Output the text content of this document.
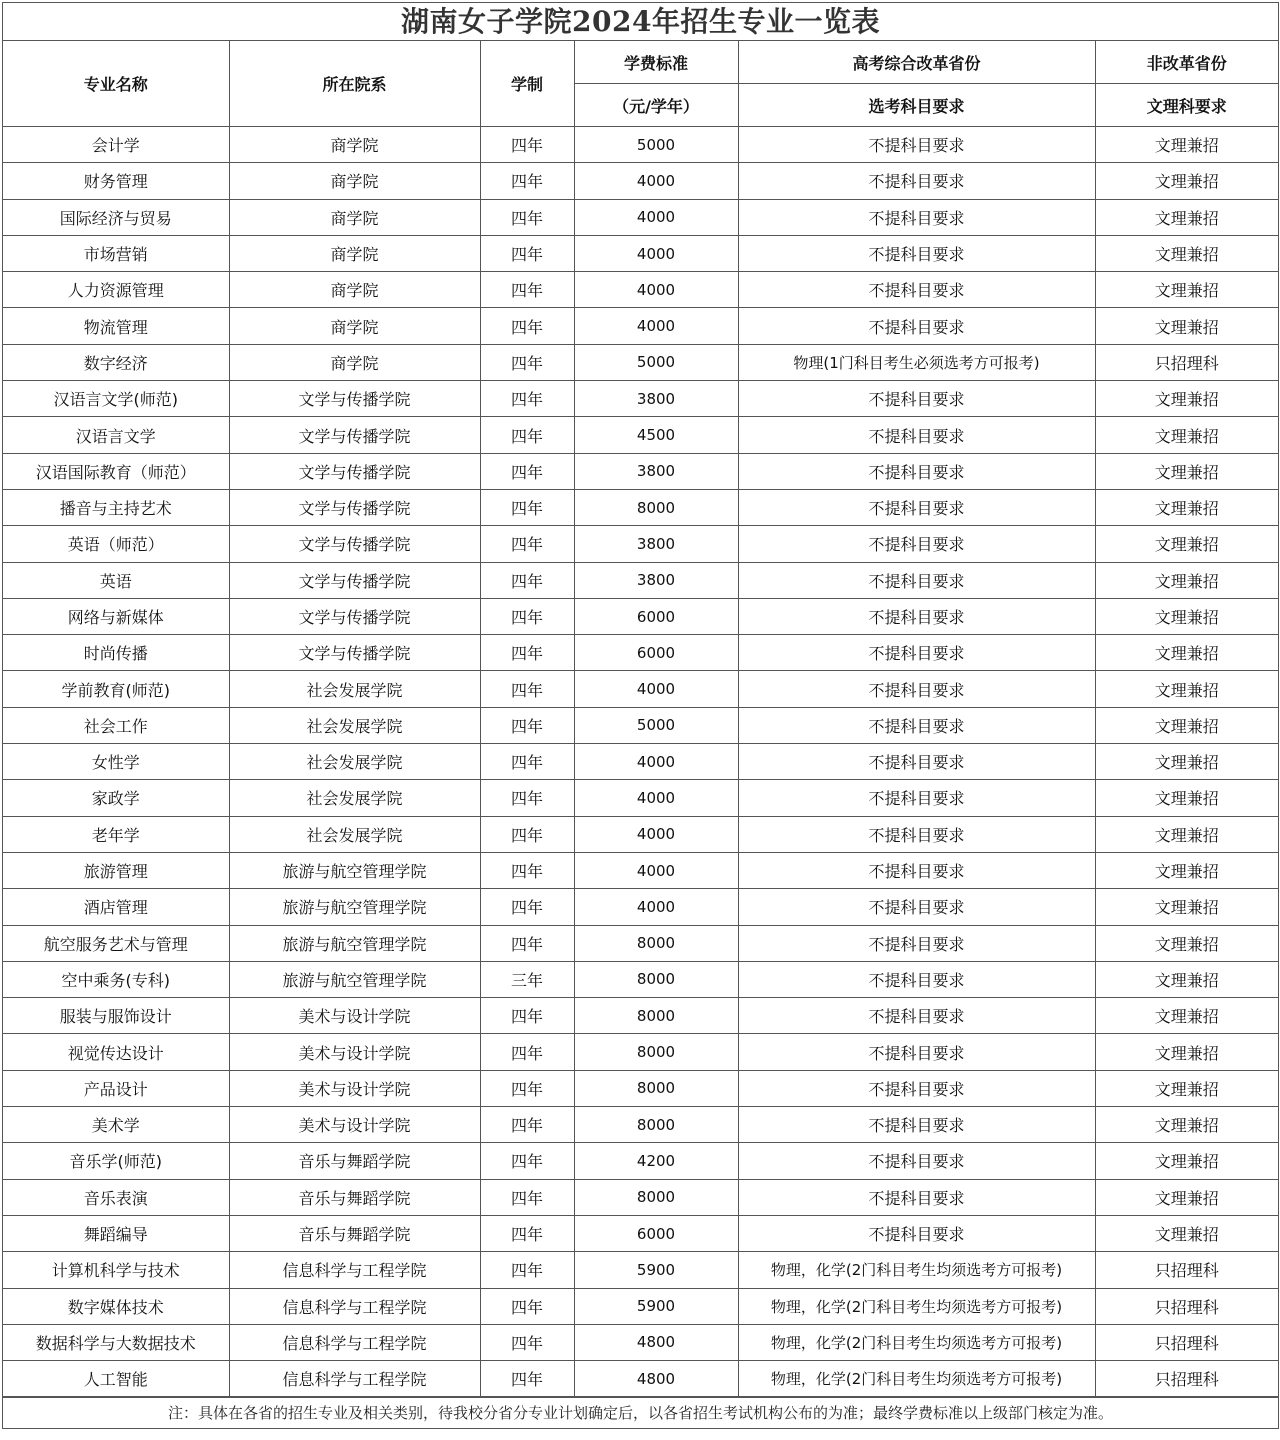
湖南女子学院2024年招生专业一览表
专业名称	所在院系	学制	学费标准	高考综合改革省份	非改革省份
			（元/学年）	选考科目要求	文理科要求
会计学	商学院	四年	5000	不提科目要求	文理兼招
财务管理	商学院	四年	4000	不提科目要求	文理兼招
国际经济与贸易	商学院	四年	4000	不提科目要求	文理兼招
市场营销	商学院	四年	4000	不提科目要求	文理兼招
人力资源管理	商学院	四年	4000	不提科目要求	文理兼招
物流管理	商学院	四年	4000	不提科目要求	文理兼招
数字经济	商学院	四年	5000	物理(1门科目考生必须选考方可报考)	只招理科
汉语言文学(师范)	文学与传播学院	四年	3800	不提科目要求	文理兼招
汉语言文学	文学与传播学院	四年	4500	不提科目要求	文理兼招
汉语国际教育（师范）	文学与传播学院	四年	3800	不提科目要求	文理兼招
播音与主持艺术	文学与传播学院	四年	8000	不提科目要求	文理兼招
英语（师范）	文学与传播学院	四年	3800	不提科目要求	文理兼招
英语	文学与传播学院	四年	3800	不提科目要求	文理兼招
网络与新媒体	文学与传播学院	四年	6000	不提科目要求	文理兼招
时尚传播	文学与传播学院	四年	6000	不提科目要求	文理兼招
学前教育(师范)	社会发展学院	四年	4000	不提科目要求	文理兼招
社会工作	社会发展学院	四年	5000	不提科目要求	文理兼招
女性学	社会发展学院	四年	4000	不提科目要求	文理兼招
家政学	社会发展学院	四年	4000	不提科目要求	文理兼招
老年学	社会发展学院	四年	4000	不提科目要求	文理兼招
旅游管理	旅游与航空管理学院	四年	4000	不提科目要求	文理兼招
酒店管理	旅游与航空管理学院	四年	4000	不提科目要求	文理兼招
航空服务艺术与管理	旅游与航空管理学院	四年	8000	不提科目要求	文理兼招
空中乘务(专科)	旅游与航空管理学院	三年	8000	不提科目要求	文理兼招
服装与服饰设计	美术与设计学院	四年	8000	不提科目要求	文理兼招
视觉传达设计	美术与设计学院	四年	8000	不提科目要求	文理兼招
产品设计	美术与设计学院	四年	8000	不提科目要求	文理兼招
美术学	美术与设计学院	四年	8000	不提科目要求	文理兼招
音乐学(师范)	音乐与舞蹈学院	四年	4200	不提科目要求	文理兼招
音乐表演	音乐与舞蹈学院	四年	8000	不提科目要求	文理兼招
舞蹈编导	音乐与舞蹈学院	四年	6000	不提科目要求	文理兼招
计算机科学与技术	信息科学与工程学院	四年	5900	物理，化学(2门科目考生均须选考方可报考)	只招理科
数字媒体技术	信息科学与工程学院	四年	5900	物理，化学(2门科目考生均须选考方可报考)	只招理科
数据科学与大数据技术	信息科学与工程学院	四年	4800	物理，化学(2门科目考生均须选考方可报考)	只招理科
人工智能	信息科学与工程学院	四年	4800	物理，化学(2门科目考生均须选考方可报考)	只招理科
注：具体在各省的招生专业及相关类别，待我校分省分专业计划确定后，以各省招生考试机构公布的为准；最终学费标准以上级部门核定为准。
